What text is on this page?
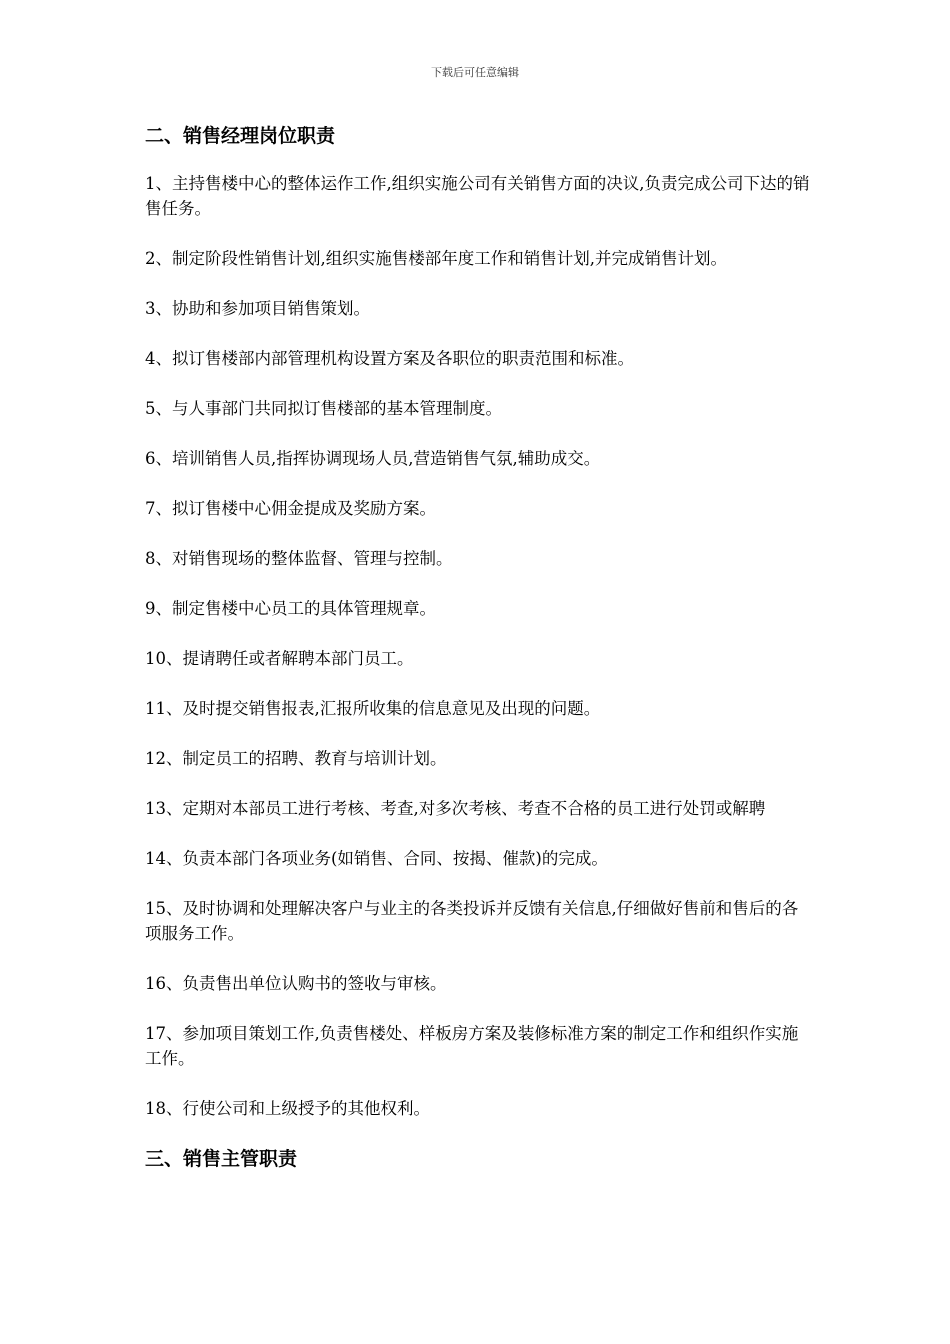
下载后可任意编辑
二、销售经理岗位职责

1、主持售楼中心的整体运作工作,组织实施公司有关销售方面的决议,负责完成公司下达的销售任务。

2、制定阶段性销售计划,组织实施售楼部年度工作和销售计划,并完成销售计划。

3、协助和参加项目销售策划。

4、拟订售楼部内部管理机构设置方案及各职位的职责范围和标准。

5、与人事部门共同拟订售楼部的基本管理制度。

6、培训销售人员,指挥协调现场人员,营造销售气氛,辅助成交。

7、拟订售楼中心佣金提成及奖励方案。

8、对销售现场的整体监督、管理与控制。

9、制定售楼中心员工的具体管理规章。

10、提请聘任或者解聘本部门员工。

11、及时提交销售报表,汇报所收集的信息意见及出现的问题。

12、制定员工的招聘、教育与培训计划。

13、定期对本部员工进行考核、考查,对多次考核、考查不合格的员工进行处罚或解聘

14、负责本部门各项业务(如销售、合同、按揭、催款)的完成。

15、及时协调和处理解决客户与业主的各类投诉并反馈有关信息,仔细做好售前和售后的各项服务工作。

16、负责售出单位认购书的签收与审核。

17、参加项目策划工作,负责售楼处、样板房方案及装修标准方案的制定工作和组织作实施工作。

18、行使公司和上级授予的其他权利。

三、销售主管职责
